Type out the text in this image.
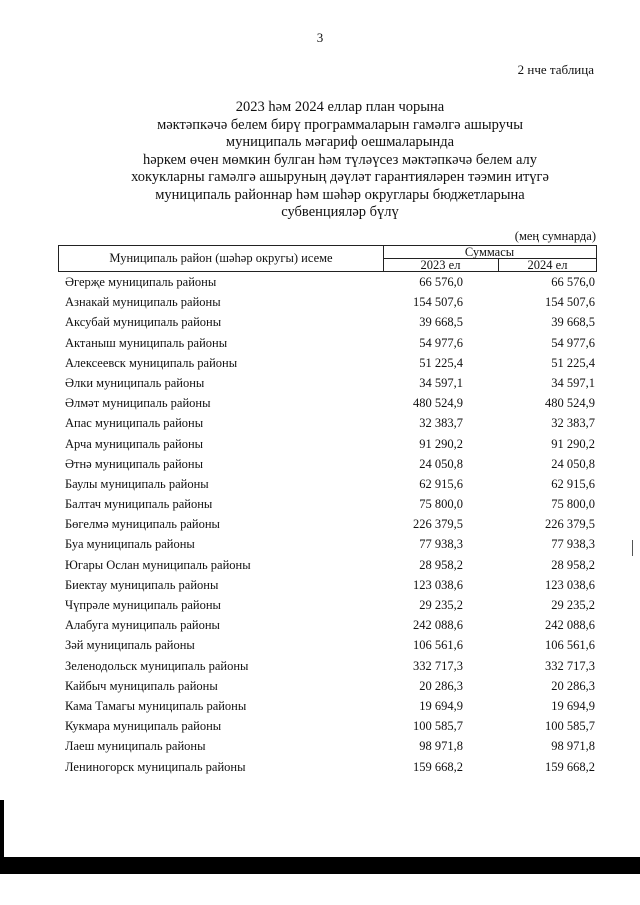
3
2 нче таблица
2023 һәм 2024 еллар план чорына
мәктәпкәчә белем бирү программаларын гамәлгә ашыручы
муниципаль мәгариф оешмаларында
һәркем өчен мөмкин булган һәм түләүсез мәктәпкәчә белем алу
хокукларны гамәлгә ашыруның дәүләт гарантияләрен тәэмин итүгә
муниципаль районнар һәм шәһәр округлары бюджетларына
субвенцияләр бүлү
(мең сумнарда)
Муниципаль район (шәһәр округы) исеме	Суммасы
2023 ел	2024 ел
Әгерҗе муниципаль районы	66 576,0	66 576,0
Азнакай муниципаль районы	154 507,6	154 507,6
Аксубай муниципаль районы	39 668,5	39 668,5
Актаныш муниципаль районы	54 977,6	54 977,6
Алексеевск муниципаль районы	51 225,4	51 225,4
Әлки муниципаль районы	34 597,1	34 597,1
Әлмәт муниципаль районы	480 524,9	480 524,9
Апас муниципаль районы	32 383,7	32 383,7
Арча муниципаль районы	91 290,2	91 290,2
Әтнә муниципаль районы	24 050,8	24 050,8
Баулы муниципаль районы	62 915,6	62 915,6
Балтач муниципаль районы	75 800,0	75 800,0
Бөгелмә муниципаль районы	226 379,5	226 379,5
Буа муниципаль районы	77 938,3	77 938,3
Югары Ослан муниципаль районы	28 958,2	28 958,2
Биектау муниципаль районы	123 038,6	123 038,6
Чүпрәле муниципаль районы	29 235,2	29 235,2
Алабуга муниципаль районы	242 088,6	242 088,6
Зәй муниципаль районы	106 561,6	106 561,6
Зеленодольск муниципаль районы	332 717,3	332 717,3
Кайбыч муниципаль районы	20 286,3	20 286,3
Кама Тамагы муниципаль районы	19 694,9	19 694,9
Кукмара муниципаль районы	100 585,7	100 585,7
Лаеш муниципаль районы	98 971,8	98 971,8
Лениногорск муниципаль районы	159 668,2	159 668,2
